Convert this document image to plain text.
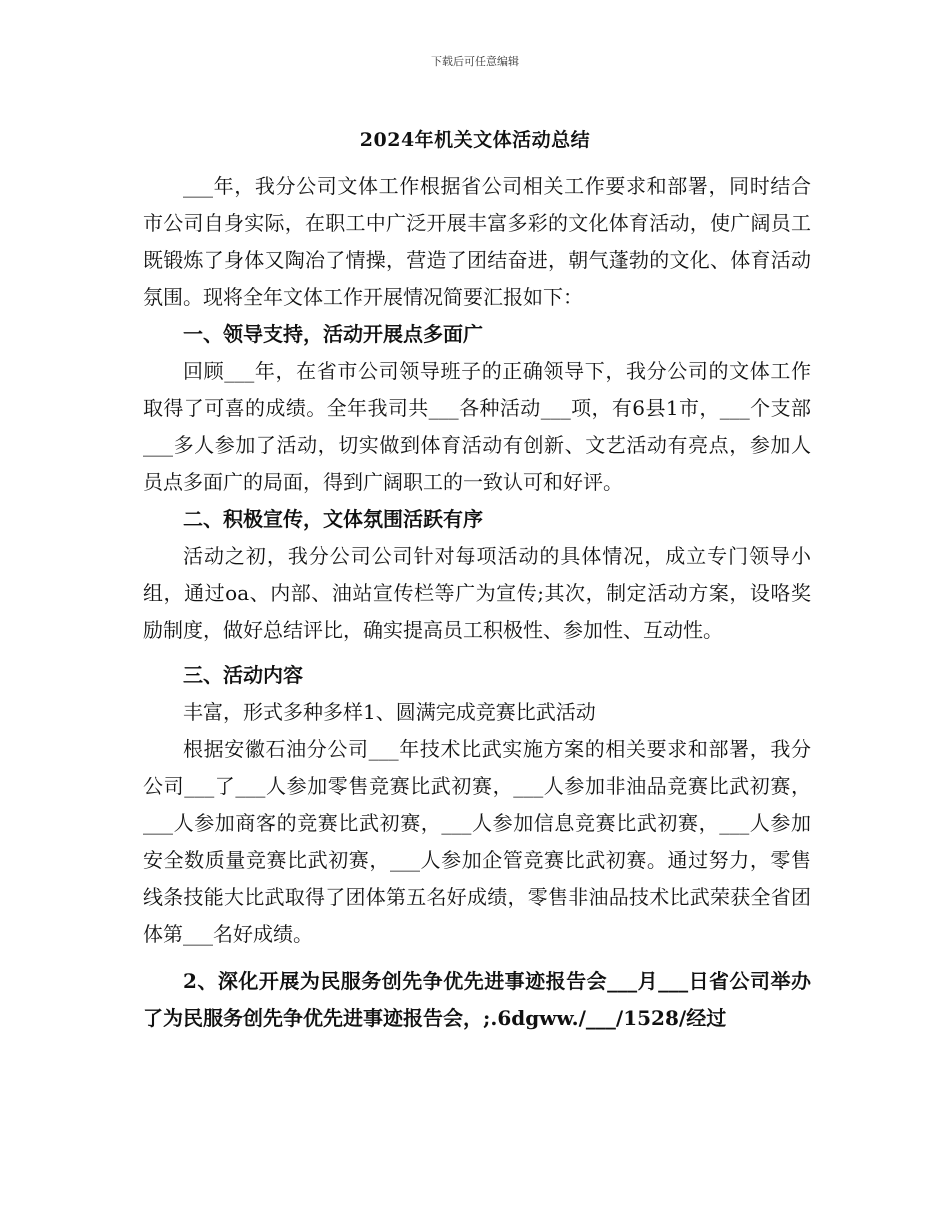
下载后可任意编辑
2024年机关文体活动总结

___年，我分公司文体工作根据省公司相关工作要求和部署，同时结合市公司自身实际，在职工中广泛开展丰富多彩的文化体育活动，使广阔员工既锻炼了身体又陶冶了情操，营造了团结奋进，朝气蓬勃的文化、体育活动氛围。现将全年文体工作开展情况简要汇报如下：

一、领导支持，活动开展点多面广

回顾___年，在省市公司领导班子的正确领导下，我分公司的文体工作取得了可喜的成绩。全年我司共___各种活动___项，有6县1市，___个支部___多人参加了活动，切实做到体育活动有创新、文艺活动有亮点，参加人员点多面广的局面，得到广阔职工的一致认可和好评。

二、积极宣传，文体氛围活跃有序

活动之初，我分公司公司针对每项活动的具体情况，成立专门领导小组，通过oa、内部、油站宣传栏等广为宣传;其次，制定活动方案，设咯奖励制度，做好总结评比，确实提高员工积极性、参加性、互动性。

三、活动内容

丰富，形式多种多样1、圆满完成竞赛比武活动

根据安徽石油分公司___年技术比武实施方案的相关要求和部署，我分公司___了___人参加零售竞赛比武初赛，___人参加非油品竞赛比武初赛，___人参加商客的竞赛比武初赛，___人参加信息竞赛比武初赛，___人参加安全数质量竞赛比武初赛，___人参加企管竞赛比武初赛。通过努力，零售线条技能大比武取得了团体第五名好成绩，零售非油品技术比武荣获全省团体第___名好成绩。

2、深化开展为民服务创先争优先进事迹报告会___月___日省公司举办了为民服务创先争优先进事迹报告会，;.6dgww./___/1528/经过
